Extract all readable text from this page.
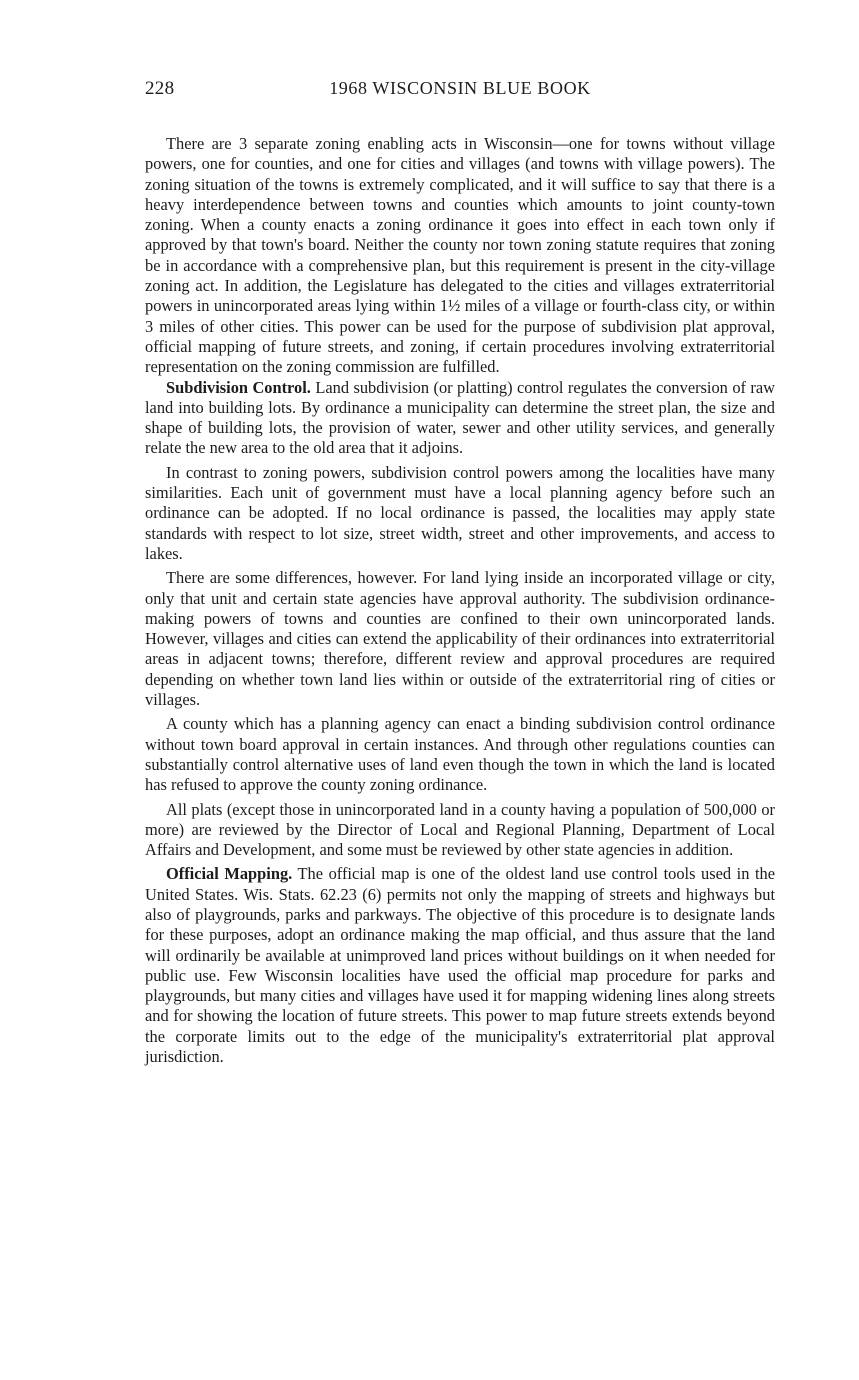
228	1968 WISCONSIN BLUE BOOK

There are 3 separate zoning enabling acts in Wisconsin—one for towns without village powers, one for counties, and one for cities and villages (and towns with village powers). The zoning situation of the towns is extremely complicated, and it will suffice to say that there is a heavy interdependence between towns and counties which amounts to joint county-town zoning. When a county enacts a zoning ordinance it goes into effect in each town only if approved by that town's board. Neither the county nor town zoning statute requires that zoning be in accordance with a comprehensive plan, but this requirement is present in the city-village zoning act. In addition, the Legislature has delegated to the cities and villages extraterritorial powers in unincorporated areas lying within 1½ miles of a village or fourth-class city, or within 3 miles of other cities. This power can be used for the purpose of subdivision plat approval, official mapping of future streets, and zoning, if certain procedures involving extraterritorial representation on the zoning commission are fulfilled.

Subdivision Control. Land subdivision (or platting) control regulates the conversion of raw land into building lots. By ordinance a municipality can determine the street plan, the size and shape of building lots, the provision of water, sewer and other utility services, and generally relate the new area to the old area that it adjoins.

In contrast to zoning powers, subdivision control powers among the localities have many similarities. Each unit of government must have a local planning agency before such an ordinance can be adopted. If no local ordinance is passed, the localities may apply state standards with respect to lot size, street width, street and other improvements, and access to lakes.

There are some differences, however. For land lying inside an incorporated village or city, only that unit and certain state agencies have approval authority. The subdivision ordinance-making powers of towns and counties are confined to their own unincorporated lands. However, villages and cities can extend the applicability of their ordinances into extraterritorial areas in adjacent towns; therefore, different review and approval procedures are required depending on whether town land lies within or outside of the extraterritorial ring of cities or villages.

A county which has a planning agency can enact a binding subdivision control ordinance without town board approval in certain instances. And through other regulations counties can substantially control alternative uses of land even though the town in which the land is located has refused to approve the county zoning ordinance.

All plats (except those in unincorporated land in a county having a population of 500,000 or more) are reviewed by the Director of Local and Regional Planning, Department of Local Affairs and Development, and some must be reviewed by other state agencies in addition.

Official Mapping. The official map is one of the oldest land use control tools used in the United States. Wis. Stats. 62.23 (6) permits not only the mapping of streets and highways but also of playgrounds, parks and parkways. The objective of this procedure is to designate lands for these purposes, adopt an ordinance making the map official, and thus assure that the land will ordinarily be available at unimproved land prices without buildings on it when needed for public use. Few Wisconsin localities have used the official map procedure for parks and playgrounds, but many cities and villages have used it for mapping widening lines along streets and for showing the location of future streets. This power to map future streets extends beyond the corporate limits out to the edge of the municipality's extraterritorial plat approval jurisdiction.
